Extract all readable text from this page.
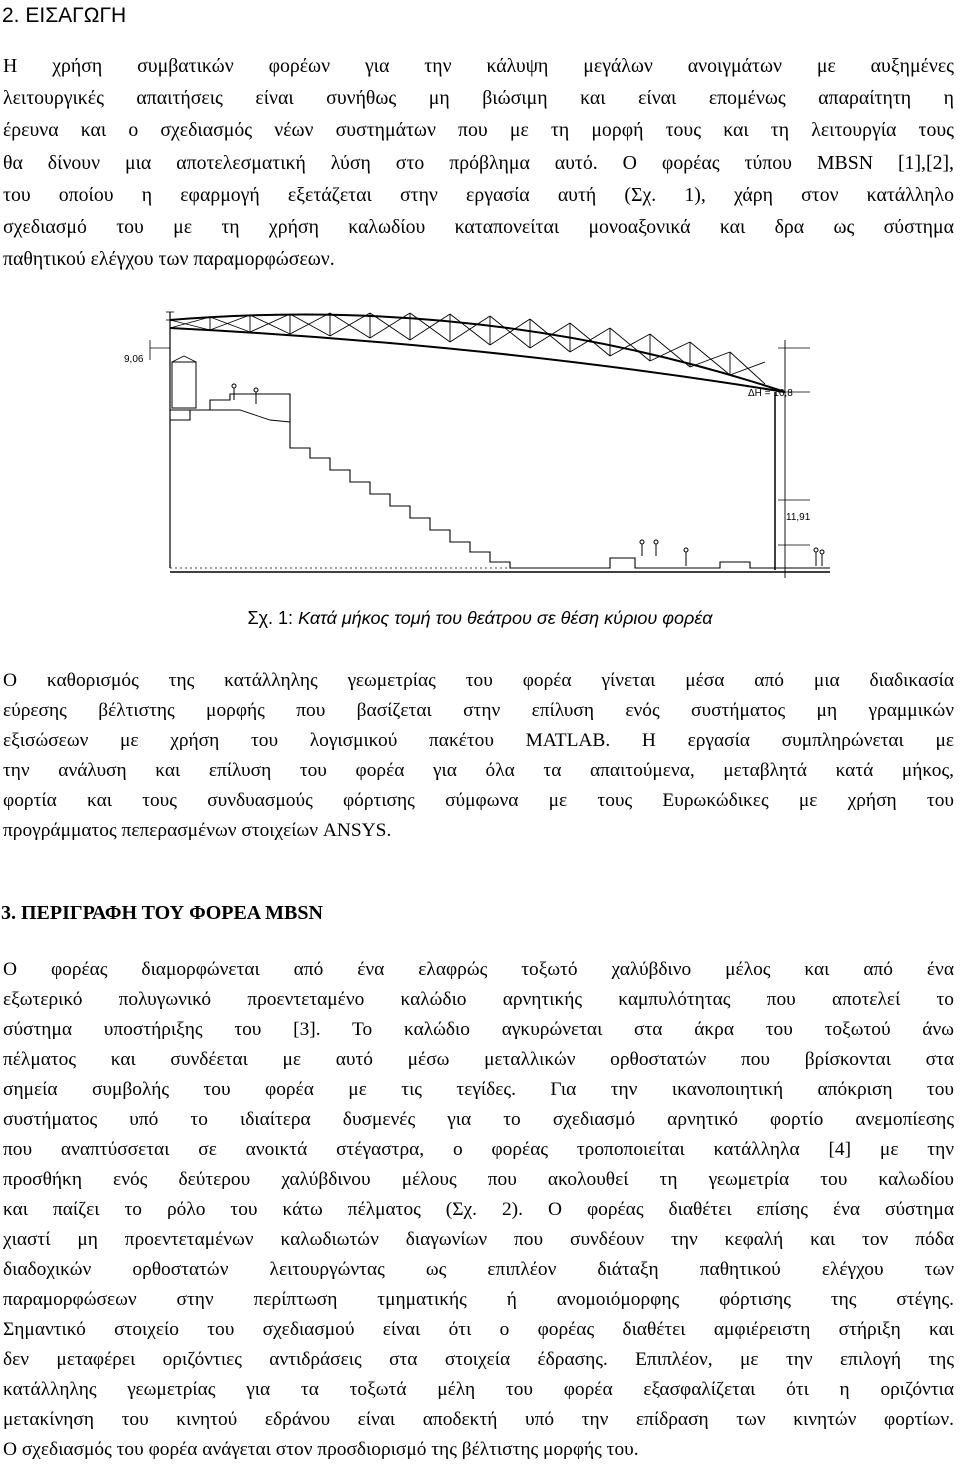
2. ΕΙΣΑΓΩΓΗ
Η χρήση συμβατικών φορέων για την κάλυψη μεγάλων ανοιγμάτων με αυξημένες
λειτουργικές απαιτήσεις είναι συνήθως μη βιώσιμη και είναι επομένως απαραίτητη η
έρευνα και ο σχεδιασμός νέων συστημάτων που με τη μορφή τους και τη λειτουργία τους
θα δίνουν μια αποτελεσματική λύση στο πρόβλημα αυτό. Ο φορέας τύπου MBSN [1],[2],
του οποίου η εφαρμογή εξετάζεται στην εργασία αυτή (Σχ. 1), χάρη στον κατάλληλο
σχεδιασμό του με τη χρήση καλωδίου καταπονείται μονοαξονικά και δρα ως σύστημα
παθητικού ελέγχου των παραμορφώσεων.
9,06
ΔΗ = 16,8
11,91

Σχ. 1: Κατά μήκος τομή του θεάτρου σε θέση κύριου φορέα

Ο καθορισμός της κατάλληλης γεωμετρίας του φορέα γίνεται μέσα από μια διαδικασία
εύρεσης βέλτιστης μορφής που βασίζεται στην επίλυση ενός συστήματος μη γραμμικών
εξισώσεων με χρήση του λογισμικού πακέτου MATLAB. Η εργασία συμπληρώνεται με
την ανάλυση και επίλυση του φορέα για όλα τα απαιτούμενα, μεταβλητά κατά μήκος,
φορτία και τους συνδυασμούς φόρτισης σύμφωνα με τους Ευρωκώδικες με χρήση του
προγράμματος πεπερασμένων στοιχείων ANSYS.
3. ΠΕΡΙΓΡΑΦΗ ΤΟΥ ΦΟΡΕΑ MBSN
Ο φορέας διαμορφώνεται από ένα ελαφρώς τοξωτό χαλύβδινο μέλος και από ένα
εξωτερικό πολυγωνικό προεντεταμένο καλώδιο αρνητικής καμπυλότητας που αποτελεί το
σύστημα υποστήριξης του [3]. Το καλώδιο αγκυρώνεται στα άκρα του τοξωτού άνω
πέλματος και συνδέεται με αυτό μέσω μεταλλικών ορθοστατών που βρίσκονται στα
σημεία συμβολής του φορέα με τις τεγίδες. Για την ικανοποιητική απόκριση του
συστήματος υπό το ιδιαίτερα δυσμενές για το σχεδιασμό αρνητικό φορτίο ανεμοπίεσης
που αναπτύσσεται σε ανοικτά στέγαστρα, ο φορέας τροποποιείται κατάλληλα [4] με την
προσθήκη ενός δεύτερου χαλύβδινου μέλους που ακολουθεί τη γεωμετρία του καλωδίου
και παίζει το ρόλο του κάτω πέλματος (Σχ. 2). Ο φορέας διαθέτει επίσης ένα σύστημα
χιαστί μη προεντεταμένων καλωδιωτών διαγωνίων που συνδέουν την κεφαλή και τον πόδα
διαδοχικών ορθοστατών λειτουργώντας ως επιπλέον διάταξη παθητικού ελέγχου των
παραμορφώσεων στην περίπτωση τμηματικής ή ανομοιόμορφης φόρτισης της στέγης.
Σημαντικό στοιχείο του σχεδιασμού είναι ότι ο φορέας διαθέτει αμφιέρειστη στήριξη και
δεν μεταφέρει οριζόντιες αντιδράσεις στα στοιχεία έδρασης. Επιπλέον, με την επιλογή της
κατάλληλης γεωμετρίας για τα τοξωτά μέλη του φορέα εξασφαλίζεται ότι η οριζόντια
μετακίνηση του κινητού εδράνου είναι αποδεκτή υπό την επίδραση των κινητών φορτίων.
Ο σχεδιασμός του φορέα ανάγεται στον προσδιορισμό της βέλτιστης μορφής του.
